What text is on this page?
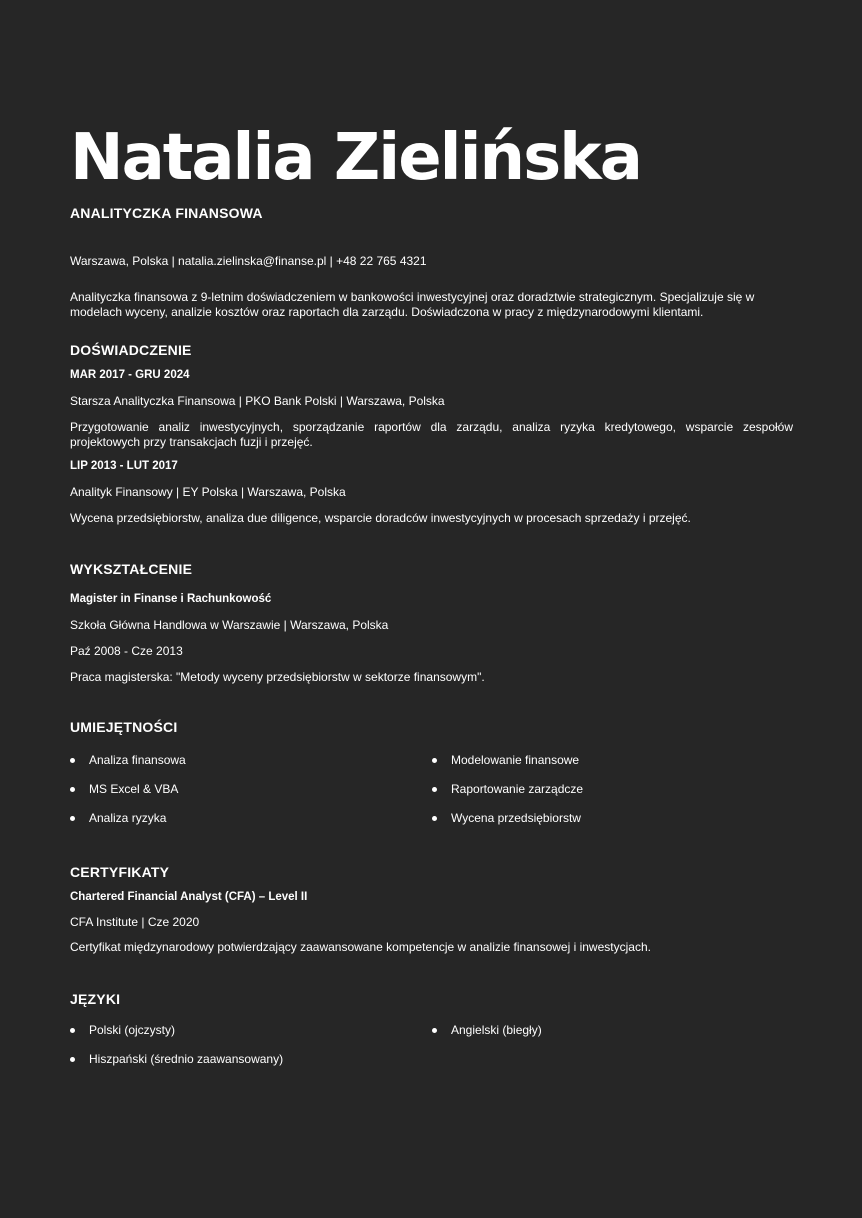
Natalia Zielińska
ANALITYCZKA FINANSOWA
Warszawa, Polska | natalia.zielinska@finanse.pl | +48 22 765 4321
Analityczka finansowa z 9-letnim doświadczeniem w bankowości inwestycyjnej oraz doradztwie strategicznym. Specjalizuje się w modelach wyceny, analizie kosztów oraz raportach dla zarządu. Doświadczona w pracy z międzynarodowymi klientami.
DOŚWIADCZENIE
MAR 2017 - GRU 2024
Starsza Analityczka Finansowa | PKO Bank Polski | Warszawa, Polska
Przygotowanie analiz inwestycyjnych, sporządzanie raportów dla zarządu, analiza ryzyka kredytowego, wsparcie zespołów projektowych przy transakcjach fuzji i przejęć.
LIP 2013 - LUT 2017
Analityk Finansowy | EY Polska | Warszawa, Polska
Wycena przedsiębiorstw, analiza due diligence, wsparcie doradców inwestycyjnych w procesach sprzedaży i przejęć.
WYKSZTAŁCENIE
Magister in Finanse i Rachunkowość
Szkoła Główna Handlowa w Warszawie | Warszawa, Polska
Paź 2008 - Cze 2013
Praca magisterska: "Metody wyceny przedsiębiorstw w sektorze finansowym".
UMIEJĘTNOŚCI
Analiza finansowa	Modelowanie finansowe
MS Excel & VBA	Raportowanie zarządcze
Analiza ryzyka	Wycena przedsiębiorstw
CERTYFIKATY
Chartered Financial Analyst (CFA) – Level II
CFA Institute | Cze 2020
Certyfikat międzynarodowy potwierdzający zaawansowane kompetencje w analizie finansowej i inwestycjach.
JĘZYKI
Polski (ojczysty)	Angielski (biegły)
Hiszpański (średnio zaawansowany)
